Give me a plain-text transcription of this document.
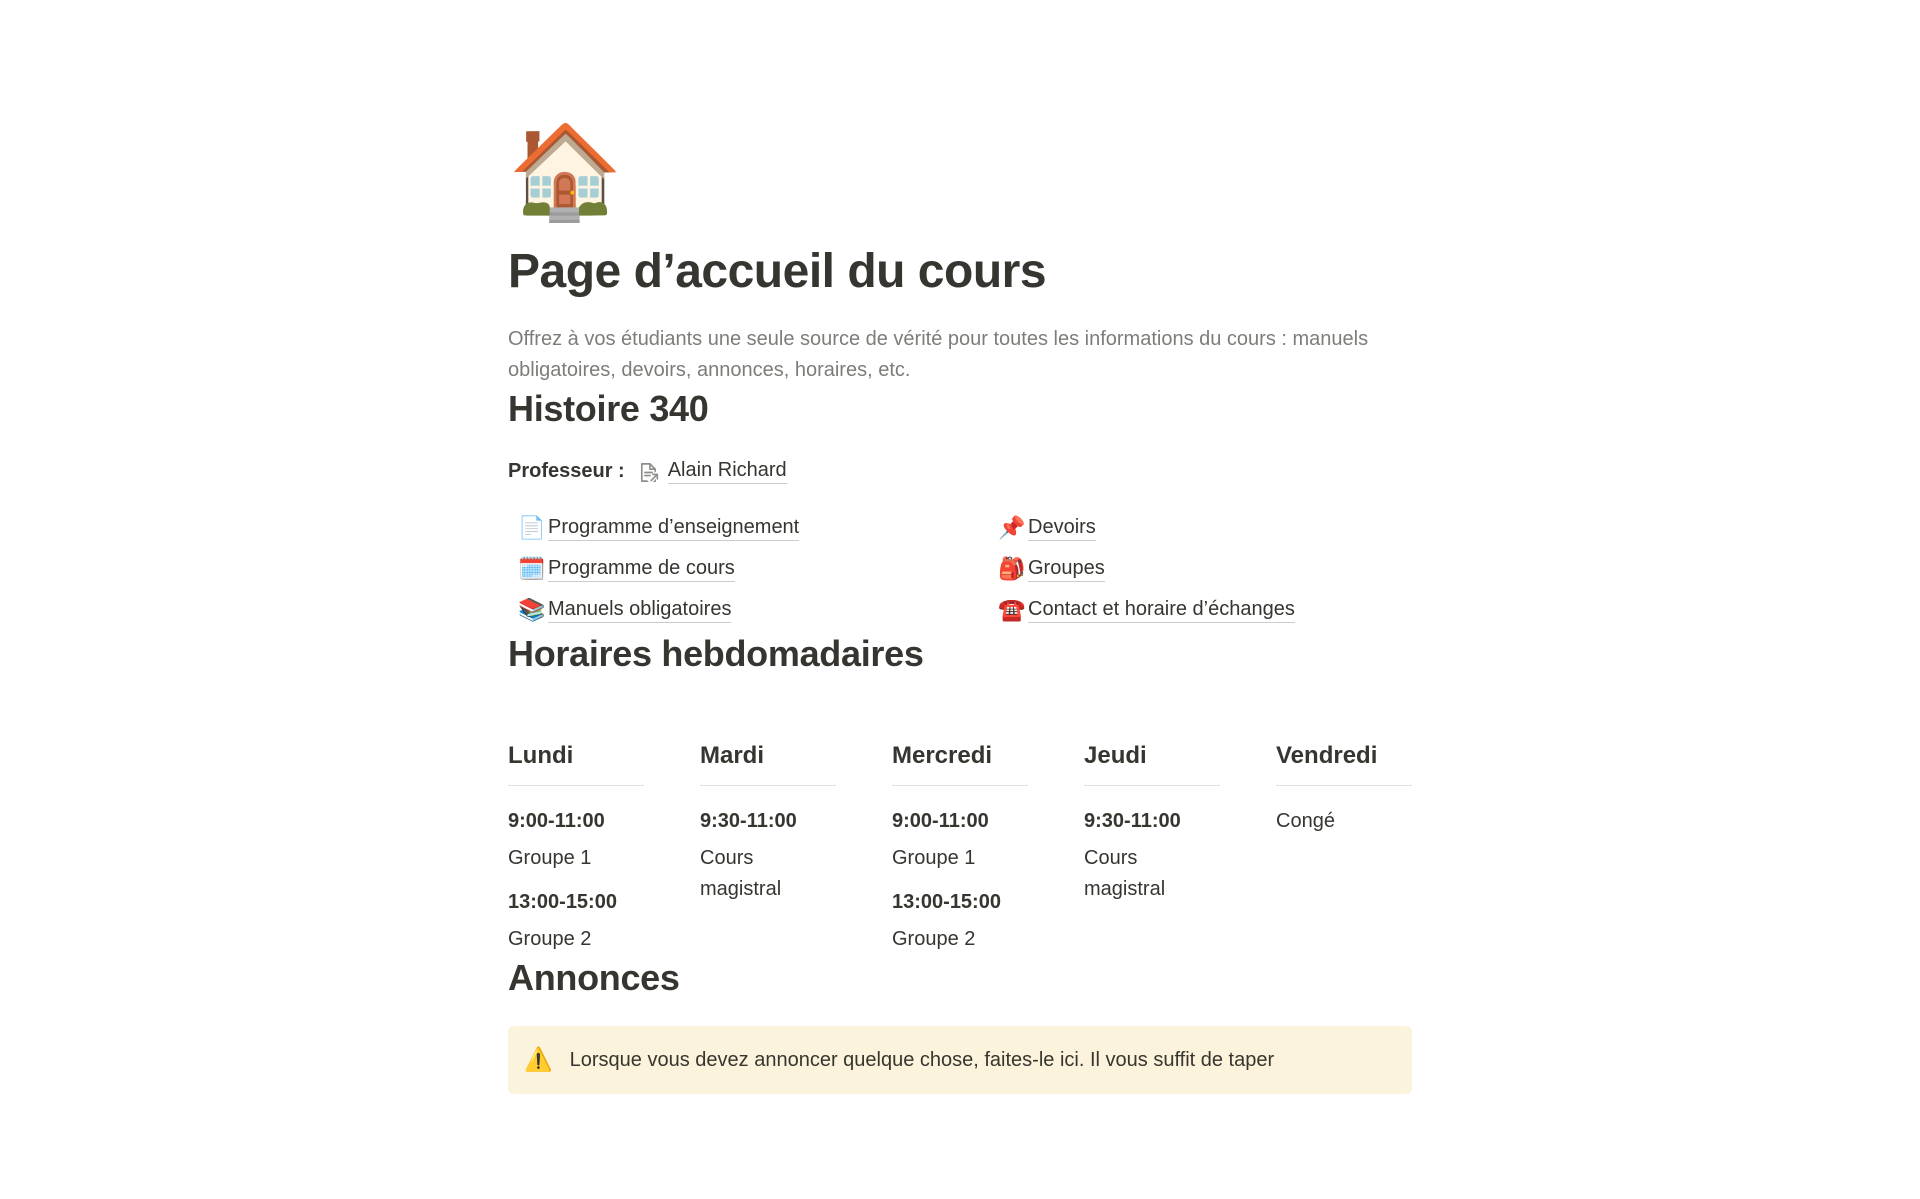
🏠
Page d’accueil du cours

Offrez à vos étudiants une seule source de vérité pour toutes les informations du cours : manuels obligatoires, devoirs, annonces, horaires, etc.

Histoire 340
Professeur : Alain Richard
📄 Programme d’enseignement
🗓️ Programme de cours
📚 Manuels obligatoires
📌 Devoirs
🎒 Groupes
☎️ Contact et horaire d’échanges
Horaires hebdomadaires
Lundi
9:00-11:00
Groupe 1
13:00-15:00
Groupe 2
Mardi
9:30-11:00
Cours magistral
Mercredi
9:00-11:00
Groupe 1
13:00-15:00
Groupe 2
Jeudi
9:30-11:00
Cours magistral
Vendredi
Congé
Annonces
⚠️ Lorsque vous devez annoncer quelque chose, faites-le ici. Il vous suffit de taper
